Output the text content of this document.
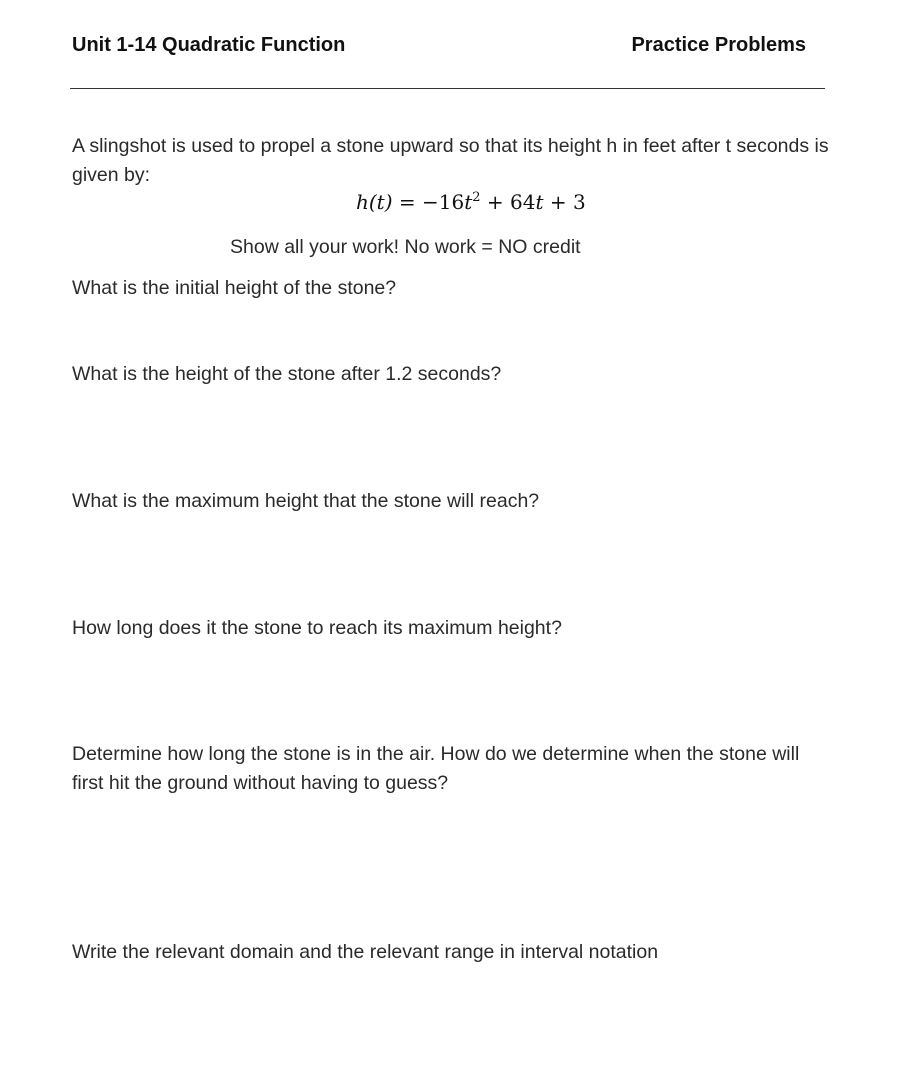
Unit 1-14 Quadratic Function	Practice Problems
A slingshot is used to propel a stone upward so that its height h in feet after t seconds is given by:
$h(t) = -16t^2 + 64t + 3$
Show all your work! No work = NO credit
What is the initial height of the stone?
What is the height of the stone after 1.2 seconds?
What is the maximum height that the stone will reach?
How long does it the stone to reach its maximum height?
Determine how long the stone is in the air. How do we determine when the stone will first hit the ground without having to guess?
Write the relevant domain and the relevant range in interval notation
